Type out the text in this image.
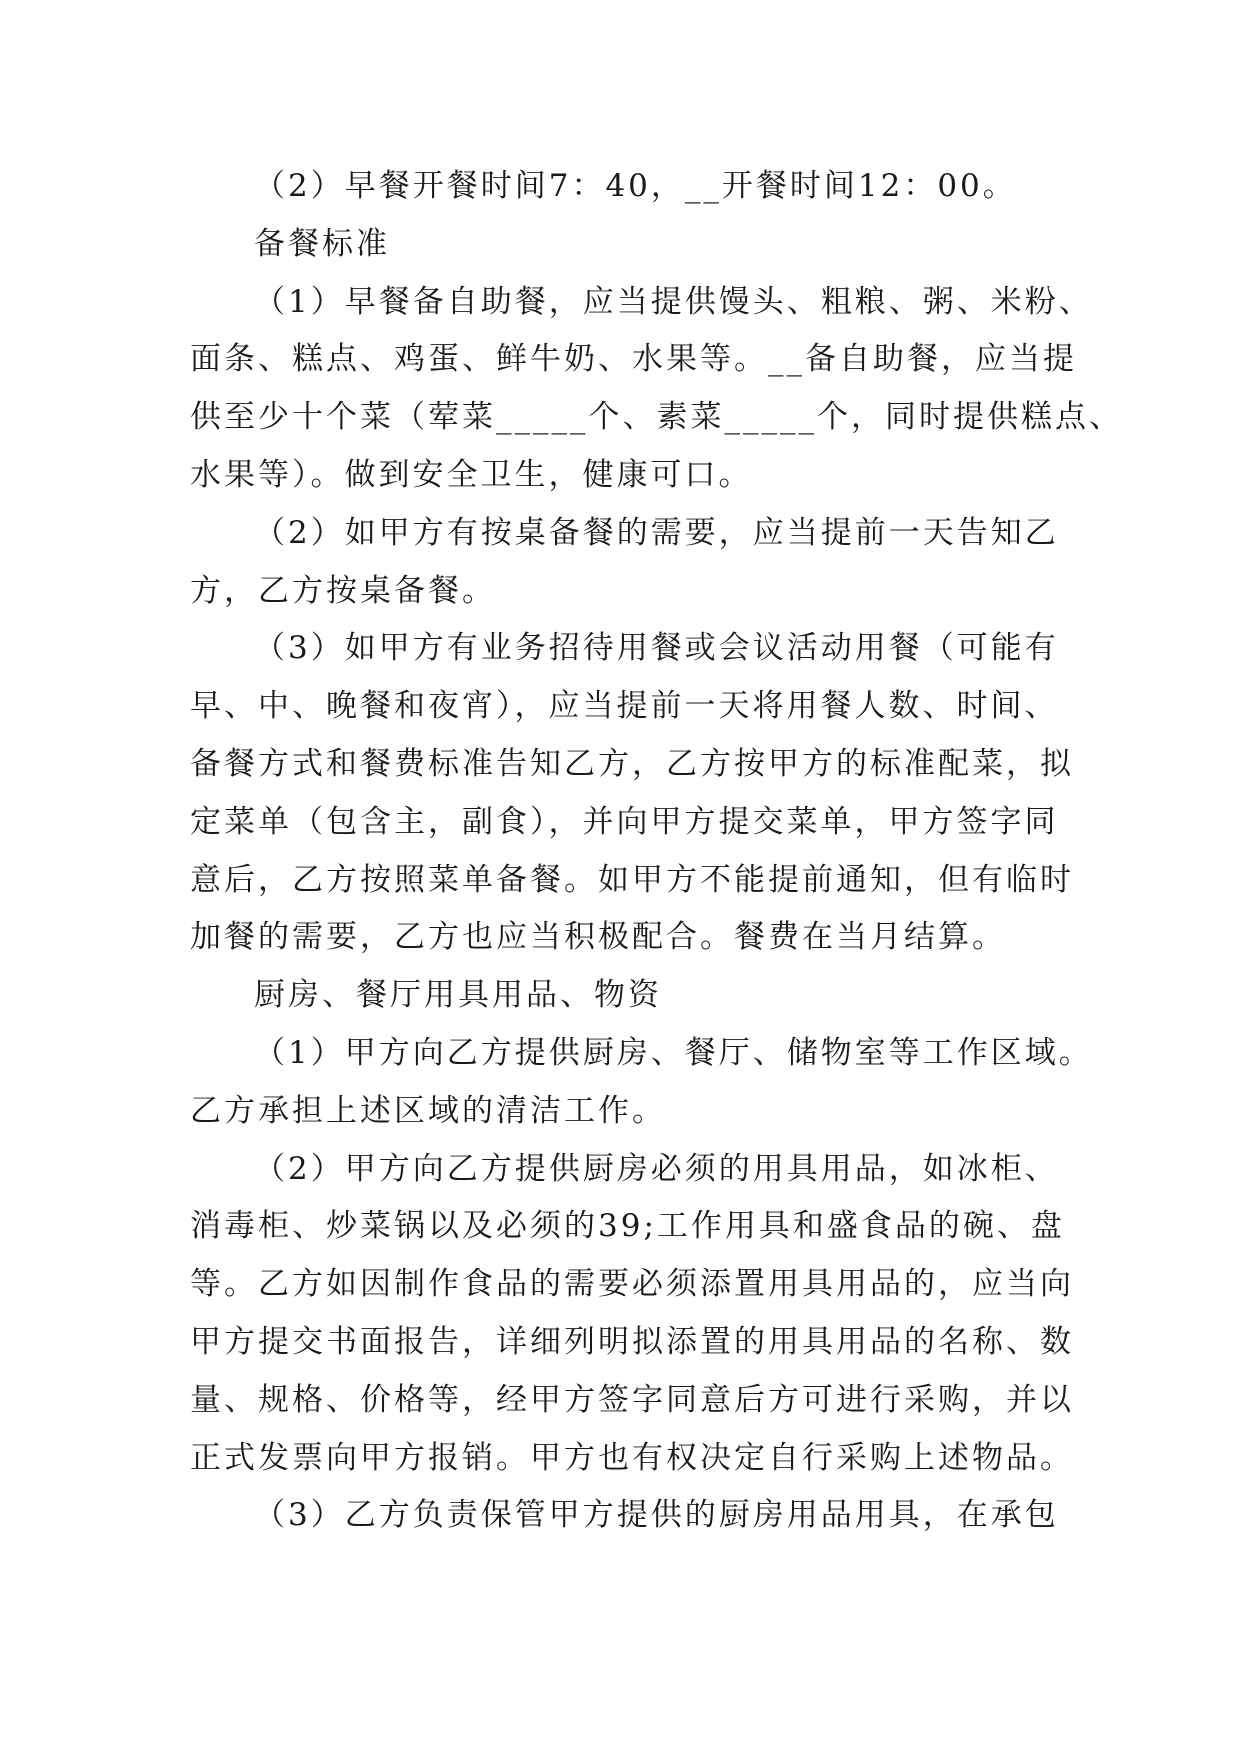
（2）早餐开餐时间7：40，__开餐时间12：00。
备餐标准
（1）早餐备自助餐，应当提供馒头、粗粮、粥、米粉、
面条、糕点、鸡蛋、鲜牛奶、水果等。__备自助餐，应当提
供至少十个菜（荤菜_____个、素菜_____个，同时提供糕点、
水果等）。做到安全卫生，健康可口。
（2）如甲方有按桌备餐的需要，应当提前一天告知乙
方，乙方按桌备餐。
（3）如甲方有业务招待用餐或会议活动用餐（可能有
早、中、晚餐和夜宵），应当提前一天将用餐人数、时间、
备餐方式和餐费标准告知乙方，乙方按甲方的标准配菜，拟
定菜单（包含主，副食），并向甲方提交菜单，甲方签字同
意后，乙方按照菜单备餐。如甲方不能提前通知，但有临时
加餐的需要，乙方也应当积极配合。餐费在当月结算。
厨房、餐厅用具用品、物资
（1）甲方向乙方提供厨房、餐厅、储物室等工作区域。
乙方承担上述区域的清洁工作。
（2）甲方向乙方提供厨房必须的用具用品，如冰柜、
消毒柜、炒菜锅以及必须的39;工作用具和盛食品的碗、盘
等。乙方如因制作食品的需要必须添置用具用品的，应当向
甲方提交书面报告，详细列明拟添置的用具用品的名称、数
量、规格、价格等，经甲方签字同意后方可进行采购，并以
正式发票向甲方报销。甲方也有权决定自行采购上述物品。
（3）乙方负责保管甲方提供的厨房用品用具，在承包
